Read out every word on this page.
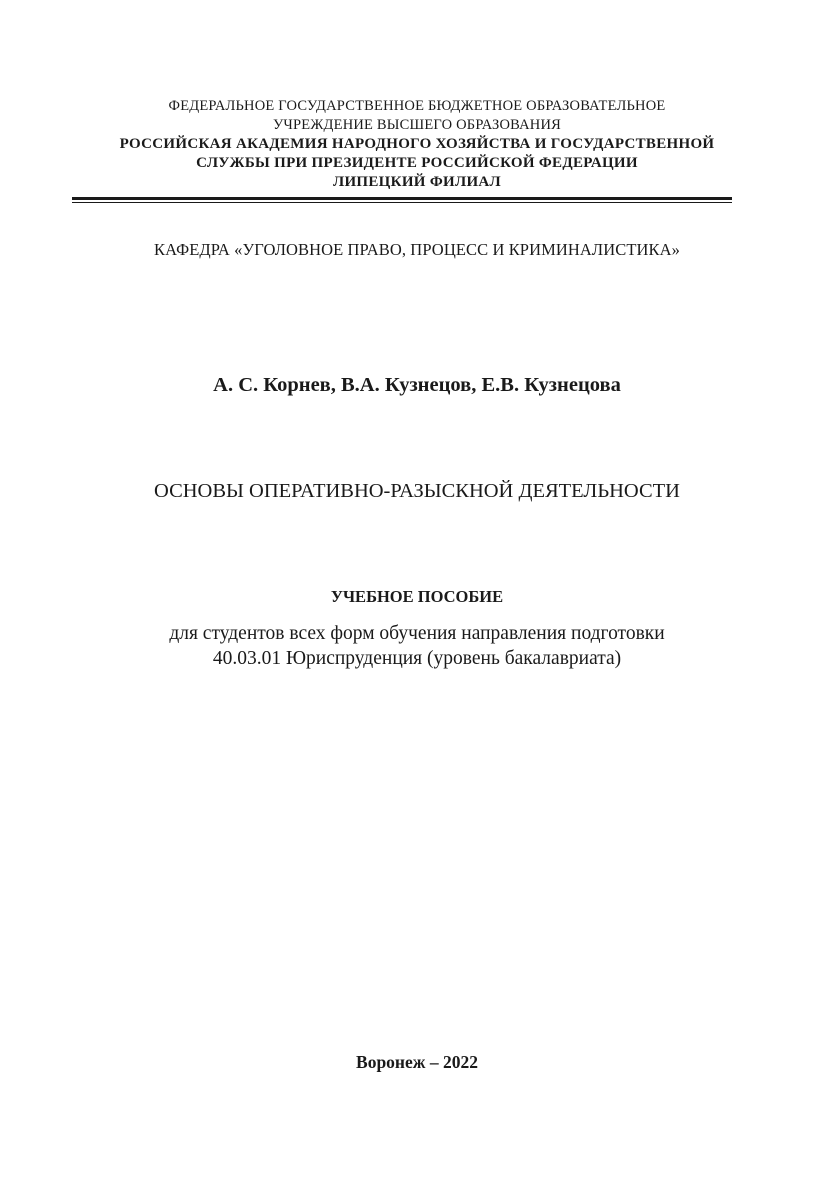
ФЕДЕРАЛЬНОЕ ГОСУДАРСТВЕННОЕ БЮДЖЕТНОЕ ОБРАЗОВАТЕЛЬНОЕ
УЧРЕЖДЕНИЕ ВЫСШЕГО ОБРАЗОВАНИЯ
РОССИЙСКАЯ АКАДЕМИЯ НАРОДНОГО ХОЗЯЙСТВА И ГОСУДАРСТВЕННОЙ
СЛУЖБЫ ПРИ ПРЕЗИДЕНТЕ РОССИЙСКОЙ ФЕДЕРАЦИИ
ЛИПЕЦКИЙ ФИЛИАЛ
КАФЕДРА «УГОЛОВНОЕ ПРАВО, ПРОЦЕСС И КРИМИНАЛИСТИКА»
А. С. Корнев, В.А. Кузнецов, Е.В. Кузнецова
ОСНОВЫ ОПЕРАТИВНО-РАЗЫСКНОЙ ДЕЯТЕЛЬНОСТИ
УЧЕБНОЕ ПОСОБИЕ
для студентов всех форм обучения направления подготовки
40.03.01 Юриспруденция (уровень бакалавриата)
Воронеж – 2022
